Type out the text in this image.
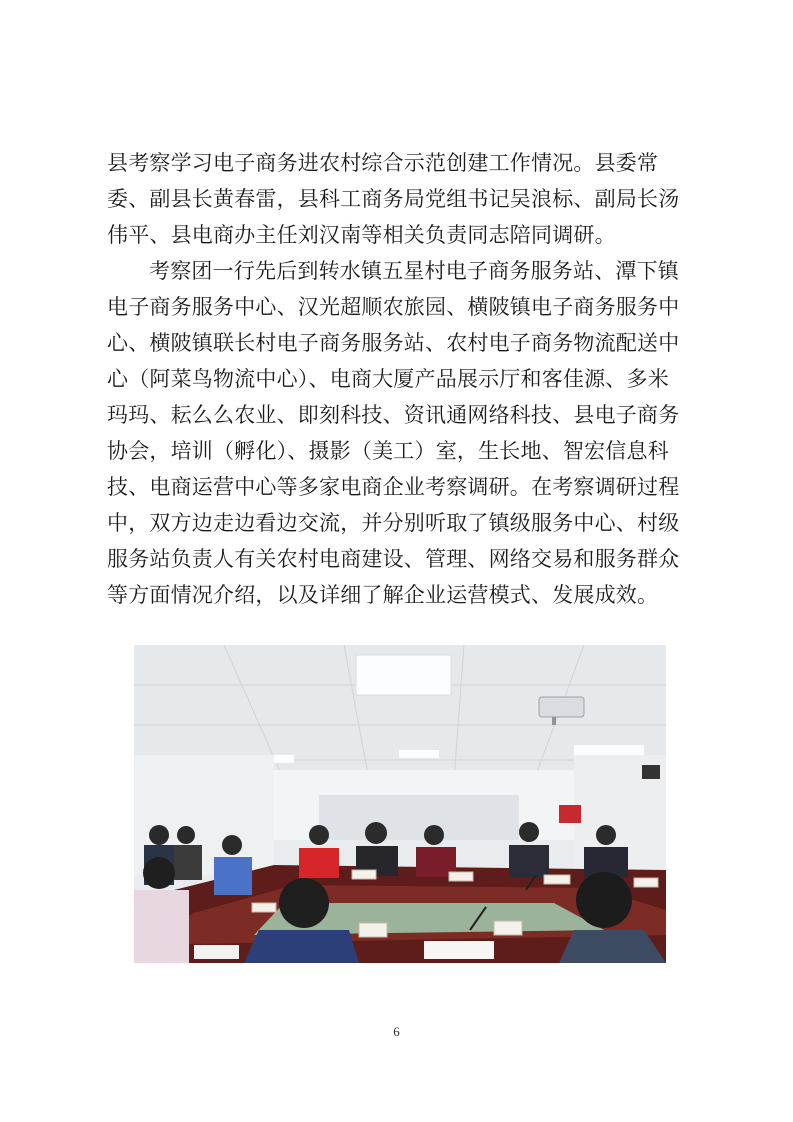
县考察学习电子商务进农村综合示范创建工作情况。县委常
委、副县长黄春雷，县科工商务局党组书记吴浪标、副局长汤
伟平、县电商办主任刘汉南等相关负责同志陪同调研。
考察团一行先后到转水镇五星村电子商务服务站、潭下镇
电子商务服务中心、汉光超顺农旅园、横陂镇电子商务服务中
心、横陂镇联长村电子商务服务站、农村电子商务物流配送中
心（阿菜鸟物流中心）、电商大厦产品展示厅和客佳源、多米
玛玛、耘么么农业、即刻科技、资讯通网络科技、县电子商务
协会，培训（孵化）、摄影（美工）室，生长地、智宏信息科
技、电商运营中心等多家电商企业考察调研。在考察调研过程
中，双方边走边看边交流，并分别听取了镇级服务中心、村级
服务站负责人有关农村电商建设、管理、网络交易和服务群众
等方面情况介绍，以及详细了解企业运营模式、发展成效。
6
